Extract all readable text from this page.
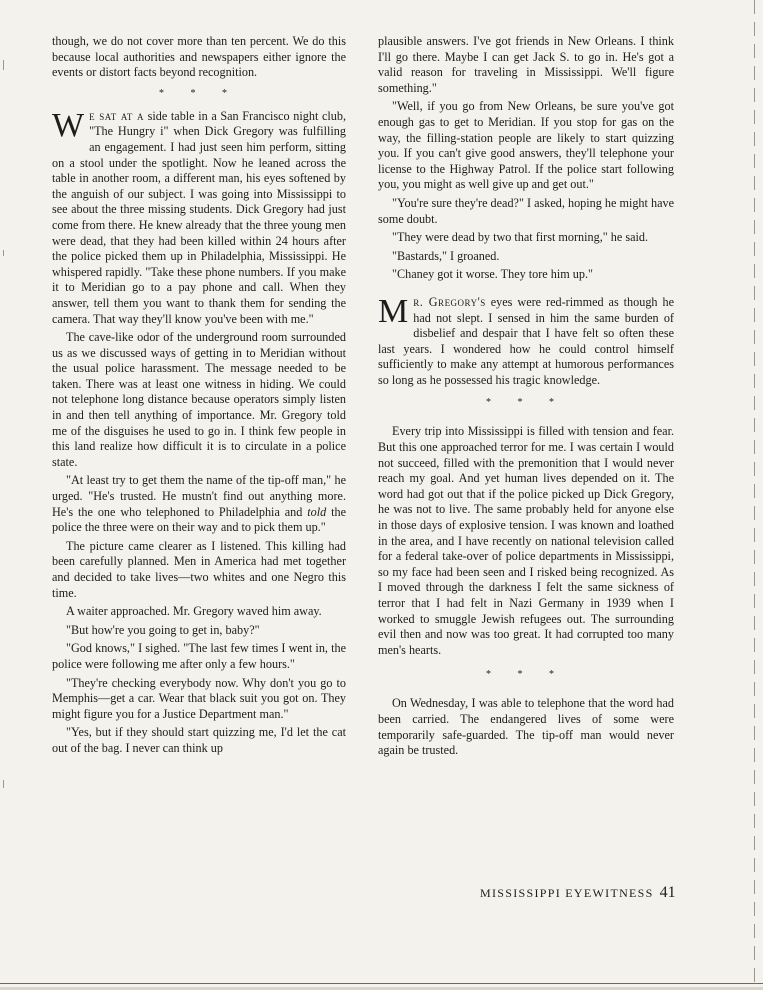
though, we do not cover more than ten percent. We do this because local authorities and newspapers either ignore the events or distort facts beyond recognition.

* * *

We sat at a side table in a San Francisco night club, "The Hungry i" when Dick Gregory was fulfilling an engagement. I had just seen him perform, sitting on a stool under the spotlight. Now he leaned across the table in another room, a different man, his eyes softened by the anguish of our subject. I was going into Mississippi to see about the three missing students. Dick Gregory had just come from there. He knew already that the three young men were dead, that they had been killed within 24 hours after the police picked them up in Philadelphia, Mississippi. He whispered rapidly. "Take these phone numbers. If you make it to Meridian go to a pay phone and call. When they answer, tell them you want to thank them for sending the camera. That way they'll know you've been with me."

The cave-like odor of the underground room surrounded us as we discussed ways of getting in to Meridian without the usual police harassment. The message needed to be taken. There was at least one witness in hiding. We could not telephone long distance because operators simply listen in and then tell anything of importance. Mr. Gregory told me of the disguises he used to go in. I think few people in this land realize how difficult it is to circulate in a police state.

"At least try to get them the name of the tip-off man," he urged. "He's trusted. He mustn't find out anything more. He's the one who telephoned to Philadelphia and told the police the three were on their way and to pick them up."

The picture came clearer as I listened. This killing had been carefully planned. Men in America had met together and decided to take lives—two whites and one Negro this time.

A waiter approached. Mr. Gregory waved him away.

"But how're you going to get in, baby?"

"God knows," I sighed. "The last few times I went in, the police were following me after only a few hours."

"They're checking everybody now. Why don't you go to Memphis—get a car. Wear that black suit you got on. They might figure you for a Justice Department man."

"Yes, but if they should start quizzing me, I'd let the cat out of the bag. I never can think up

plausible answers. I've got friends in New Orleans. I think I'll go there. Maybe I can get Jack S. to go in. He's got a valid reason for traveling in Mississippi. We'll figure something."

"Well, if you go from New Orleans, be sure you've got enough gas to get to Meridian. If you stop for gas on the way, the filling-station people are likely to start quizzing you. If you can't give good answers, they'll telephone your license to the Highway Patrol. If the police start following you, you might as well give up and get out."

"You're sure they're dead?" I asked, hoping he might have some doubt.

"They were dead by two that first morning," he said.

"Bastards," I groaned.

"Chaney got it worse. They tore him up."

Mr. Gregory's eyes were red-rimmed as though he had not slept. I sensed in him the same burden of disbelief and despair that I have felt so often these last years. I wondered how he could control himself sufficiently to make any attempt at humorous performances so long as he possessed his tragic knowledge.

* * *

Every trip into Mississippi is filled with tension and fear. But this one approached terror for me. I was certain I would not succeed, filled with the premonition that I would never reach my goal. And yet human lives depended on it. The word had got out that if the police picked up Dick Gregory, he was not to live. The same probably held for anyone else in those days of explosive tension. I was known and loathed in the area, and I have recently on national television called for a federal take-over of police departments in Mississippi, so my face had been seen and I risked being recognized. As I moved through the darkness I felt the same sickness of terror that I had felt in Nazi Germany in 1939 when I worked to smuggle Jewish refugees out. The surrounding evil then and now was too great. It had corrupted too many men's hearts.

* * *

On Wednesday, I was able to telephone that the word had been carried. The endangered lives of some were temporarily safe-guarded. The tip-off man would never again be trusted.

MISSISSIPPI EYEWITNESS 41
